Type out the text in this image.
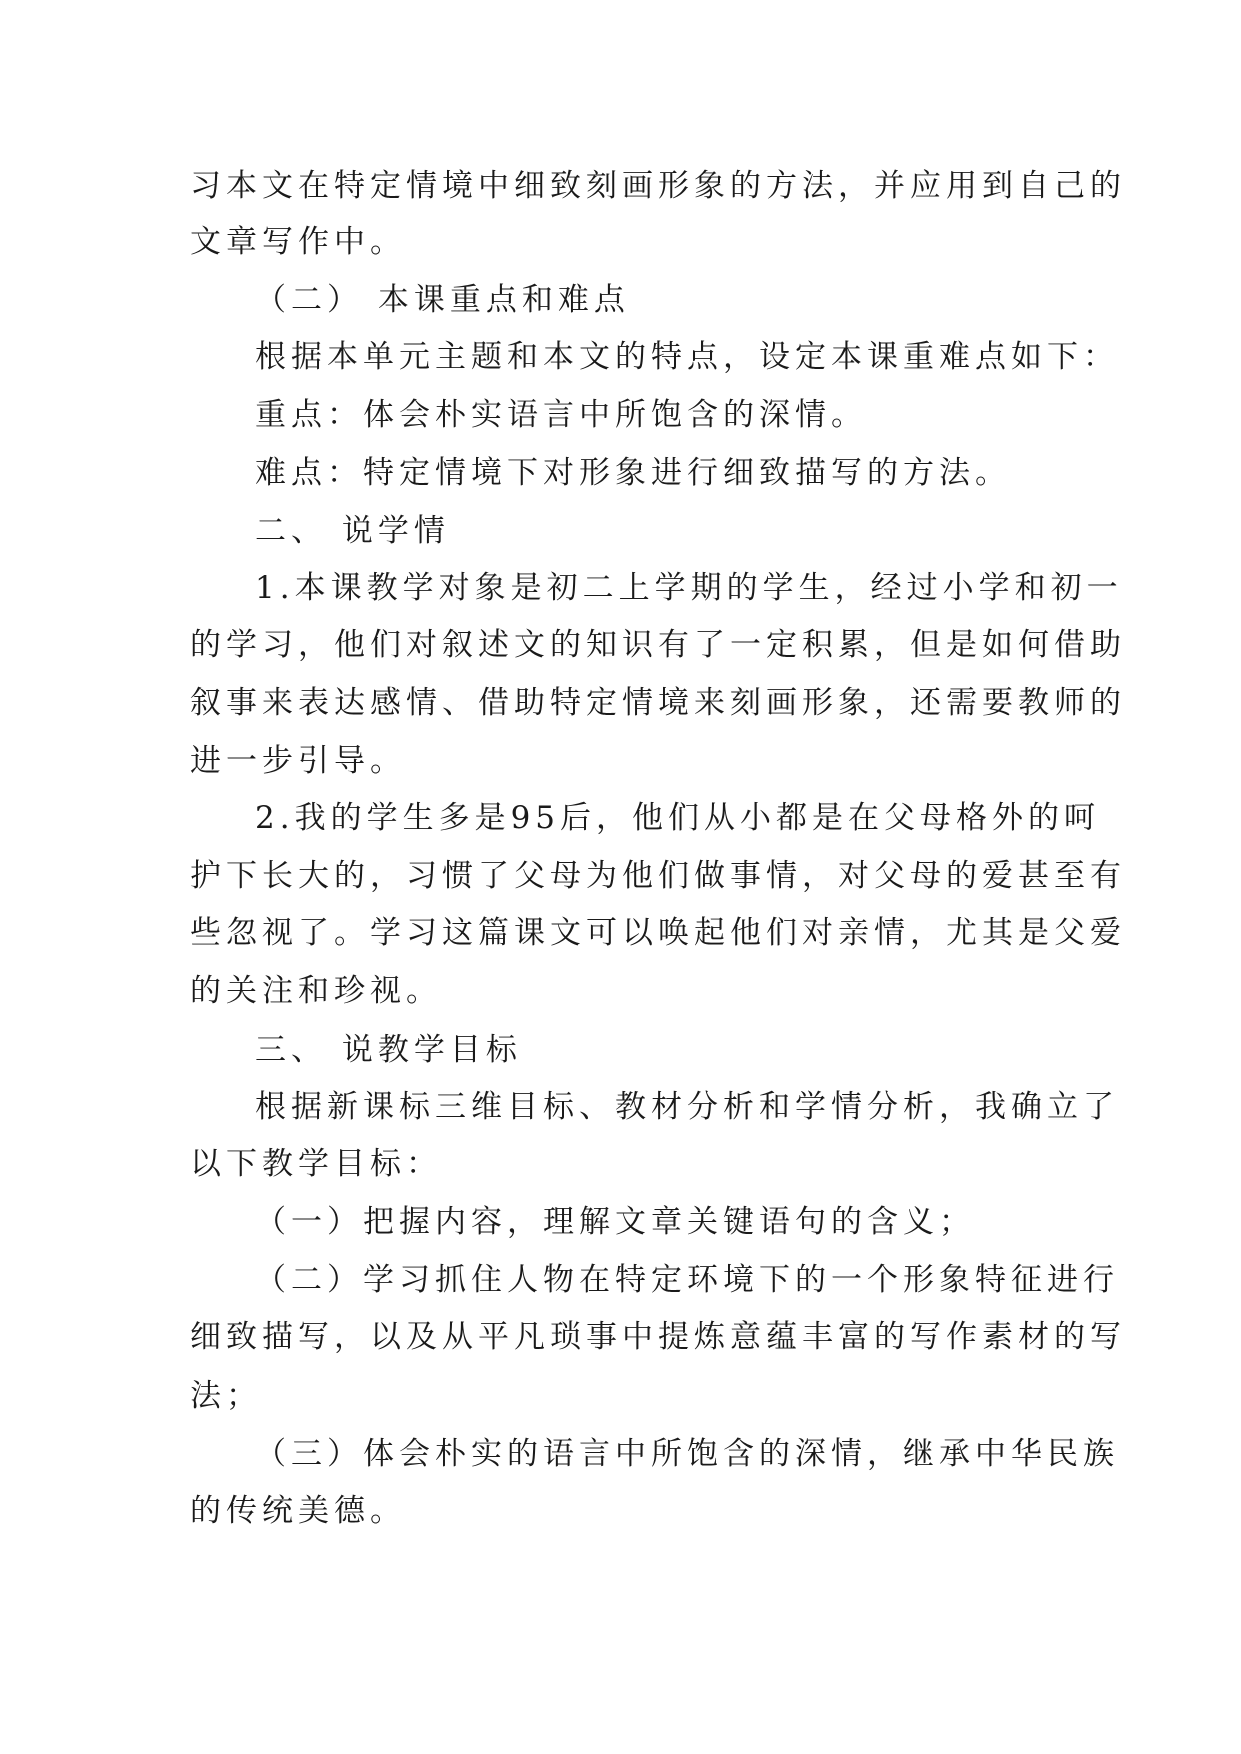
习本文在特定情境中细致刻画形象的方法，并应用到自己的
文章写作中。
（二） 本课重点和难点
根据本单元主题和本文的特点，设定本课重难点如下：
重点：体会朴实语言中所饱含的深情。
难点：特定情境下对形象进行细致描写的方法。
二、 说学情
1.本课教学对象是初二上学期的学生，经过小学和初一
的学习，他们对叙述文的知识有了一定积累，但是如何借助
叙事来表达感情、借助特定情境来刻画形象，还需要教师的
进一步引导。
2.我的学生多是95后，他们从小都是在父母格外的呵
护下长大的，习惯了父母为他们做事情，对父母的爱甚至有
些忽视了。学习这篇课文可以唤起他们对亲情，尤其是父爱
的关注和珍视。
三、 说教学目标
根据新课标三维目标、教材分析和学情分析，我确立了
以下教学目标：
（一）把握内容，理解文章关键语句的含义；
（二）学习抓住人物在特定环境下的一个形象特征进行
细致描写，以及从平凡琐事中提炼意蕴丰富的写作素材的写
法；
（三）体会朴实的语言中所饱含的深情，继承中华民族
的传统美德。
